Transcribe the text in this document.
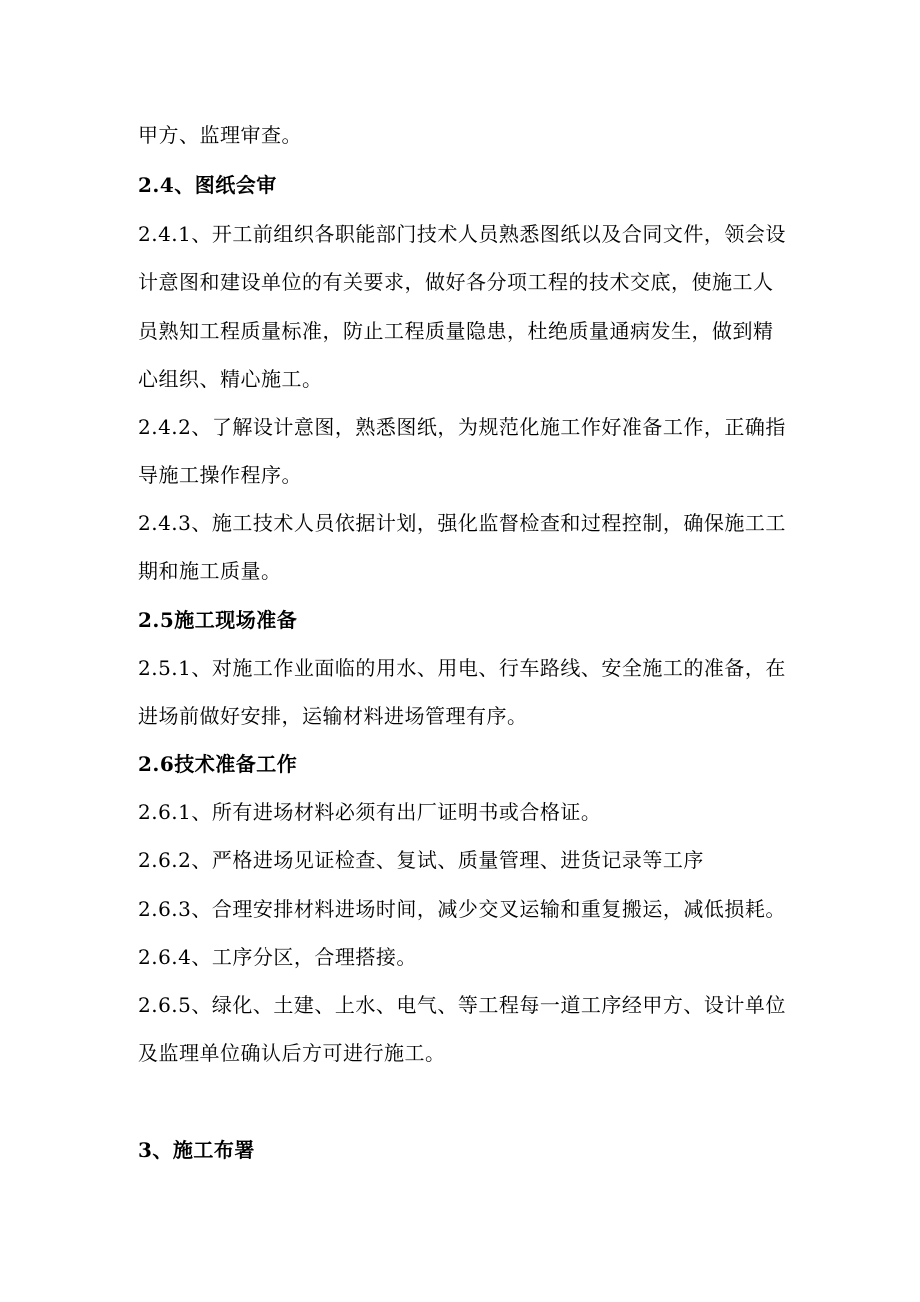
甲方、监理审查。
2.4、图纸会审
2.4.1、开工前组织各职能部门技术人员熟悉图纸以及合同文件，领会设
计意图和建设单位的有关要求，做好各分项工程的技术交底，使施工人
员熟知工程质量标准，防止工程质量隐患，杜绝质量通病发生，做到精
心组织、精心施工。
2.4.2、了解设计意图，熟悉图纸，为规范化施工作好准备工作，正确指
导施工操作程序。
2.4.3、施工技术人员依据计划，强化监督检查和过程控制，确保施工工
期和施工质量。
2.5施工现场准备
2.5.1、对施工作业面临的用水、用电、行车路线、安全施工的准备，在
进场前做好安排，运输材料进场管理有序。
2.6技术准备工作
2.6.1、所有进场材料必须有出厂证明书或合格证。
2.6.2、严格进场见证检查、复试、质量管理、进货记录等工序
2.6.3、合理安排材料进场时间，减少交叉运输和重复搬运，减低损耗。
2.6.4、工序分区，合理搭接。
2.6.5、绿化、土建、上水、电气、等工程每一道工序经甲方、设计单位
及监理单位确认后方可进行施工。
3、施工布署
